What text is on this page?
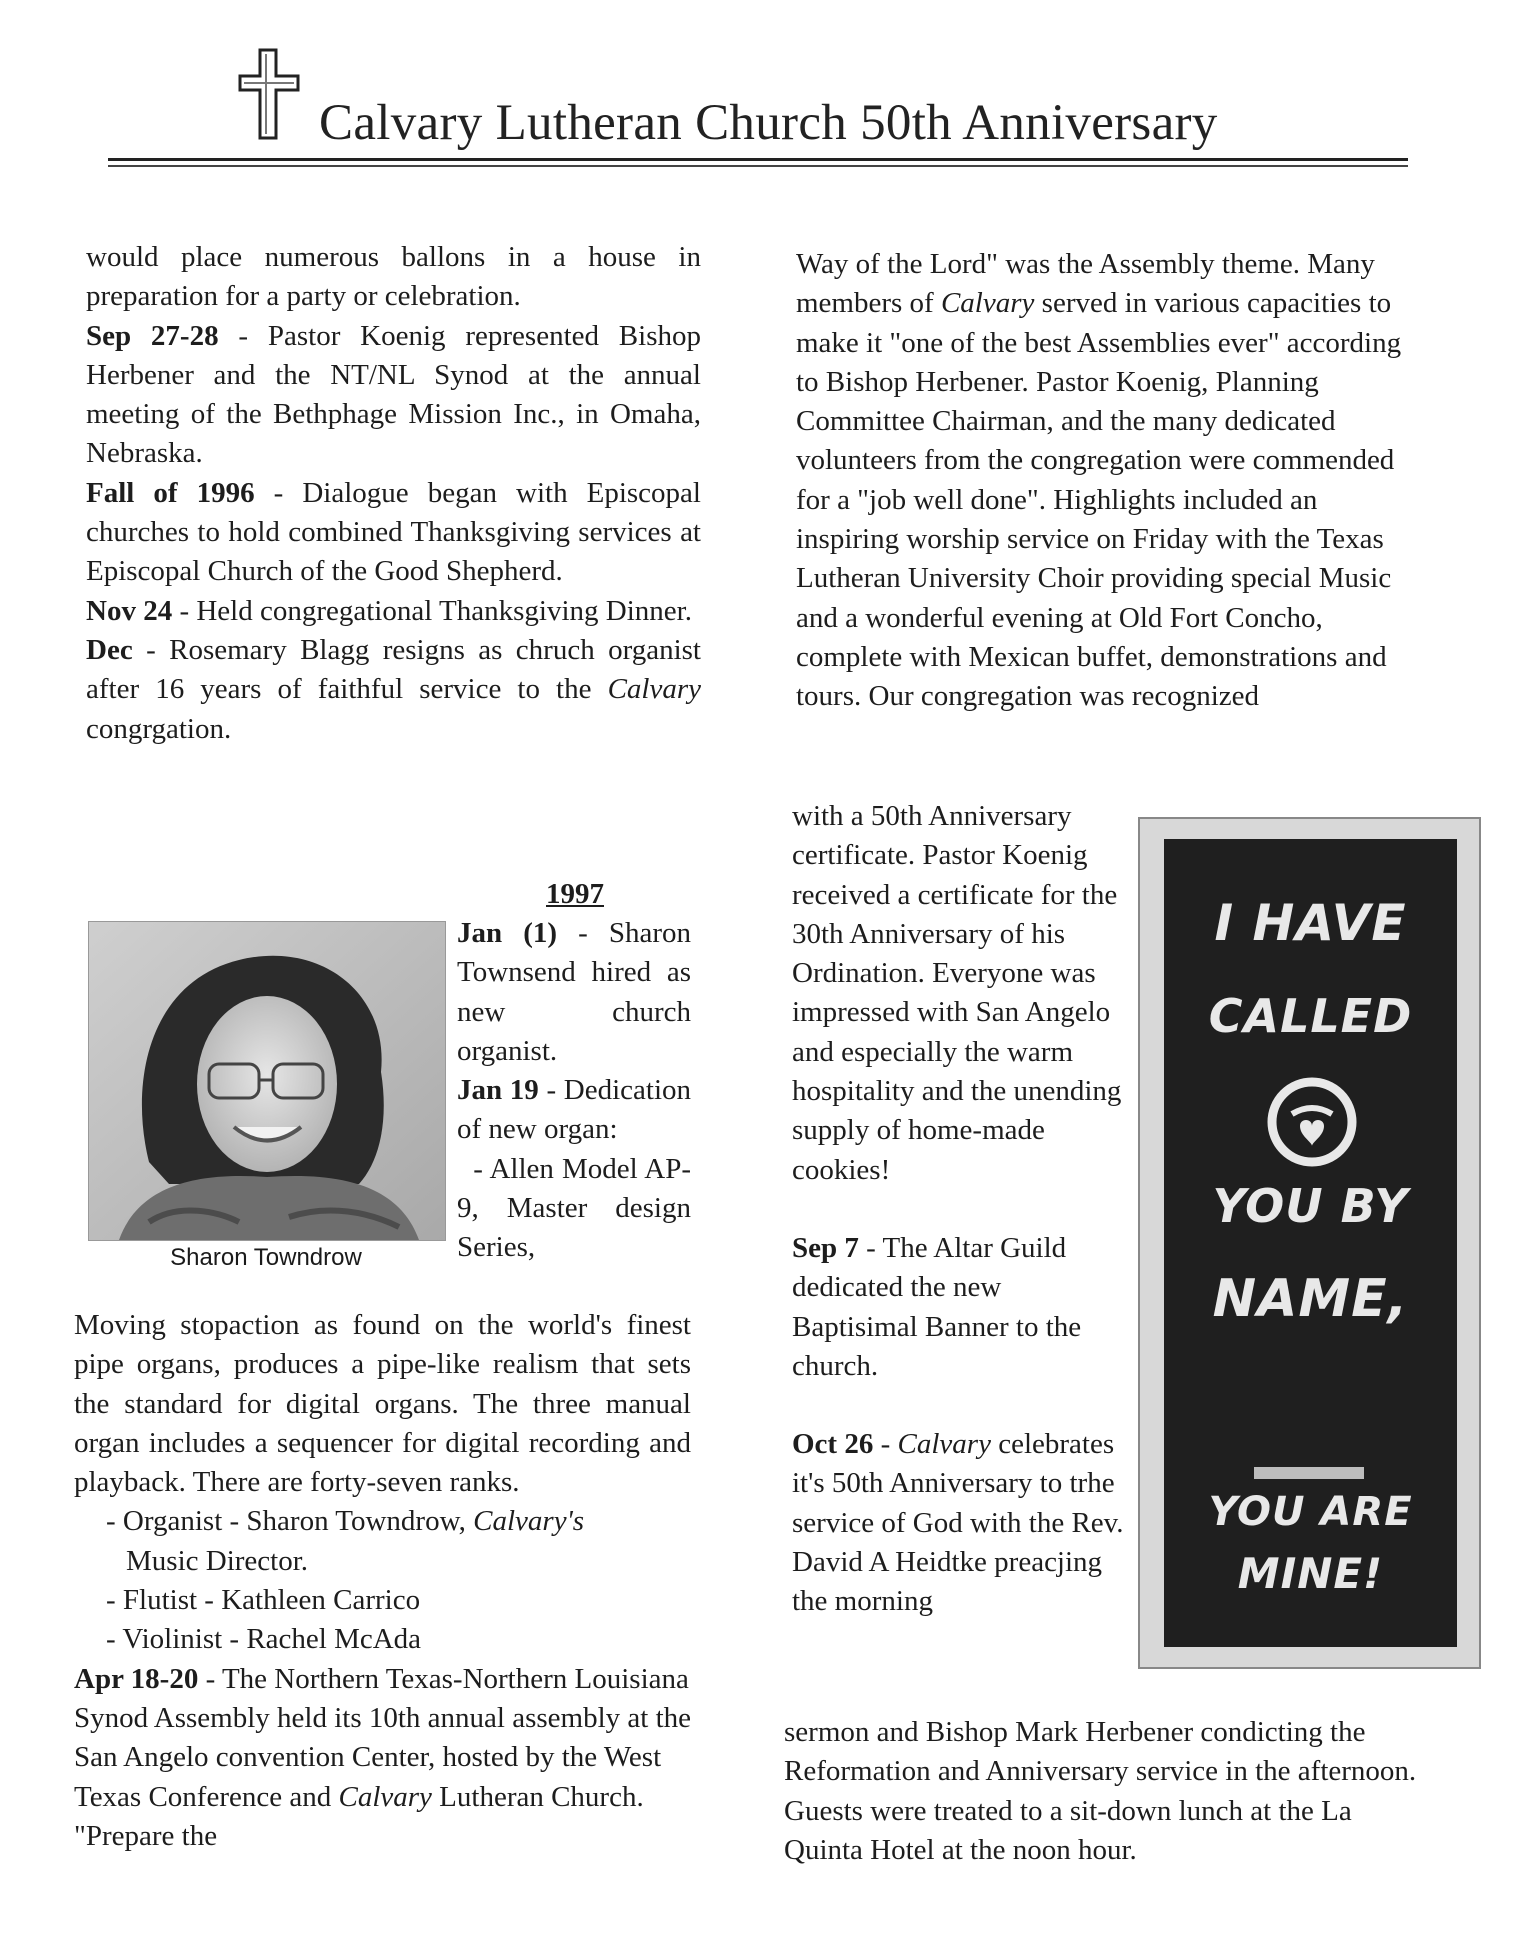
Calvary Lutheran Church 50th Anniversary

would place numerous ballons in a house in preparation for a party or celebration.

Sep 27-28 - Pastor Koenig represented Bishop Herbener and the NT/NL Synod at the annual meeting of the Bethphage Mission Inc., in Omaha, Nebraska.

Fall of 1996 - Dialogue began with Episcopal churches to hold combined Thanksgiving services at Episcopal Church of the Good Shepherd.

Nov 24 - Held congregational Thanksgiving Dinner.

Dec - Rosemary Blagg resigns as chruch organist after 16 years of faithful service to the Calvary congrgation.

1997
Sharon Towndrow

Jan (1) - Sharon Townsend hired as new church organist.

Jan 19 - Dedication of new organ:

- Allen Model AP-9, Master design Series,

Moving stopaction as found on the world's finest pipe organs, produces a pipe-like realism that sets the standard for digital organs. The three manual organ includes a sequencer for digital recording and playback. There are forty-seven ranks.

- Organist - Sharon Towndrow, Calvary's

Music Director.

- Flutist - Kathleen Carrico

- Violinist - Rachel McAda

Apr 18-20 - The Northern Texas-Northern Louisiana Synod Assembly held its 10th annual assembly at the San Angelo convention Center, hosted by the West Texas Conference and Calvary Lutheran Church. "Prepare the

Way of the Lord" was the Assembly theme. Many members of Calvary served in various capacities to make it "one of the best Assemblies ever" according to Bishop Herbener. Pastor Koenig, Planning Committee Chairman, and the many dedicated volunteers from the congregation were commended for a "job well done". Highlights included an inspiring worship service on Friday with the Texas Lutheran University Choir providing special Music and a wonderful evening at Old Fort Concho, complete with Mexican buffet, demonstrations and tours. Our congregation was recognized

with a 50th Anniversary certificate. Pastor Koenig received a certificate for the 30th Anniversary of his Ordination. Everyone was impressed with San Angelo and especially the warm hospitality and the unending supply of home-made cookies!

Sep 7 - The Altar Guild dedicated the new Baptisimal Banner to the church.

Oct 26 - Calvary celebrates it's 50th Anniversary to trhe service of God with the Rev. David A Heidtke preacjing the morning

sermon and Bishop Mark Herbener condicting the Reformation and Anniversary service in the afternoon. Guests were treated to a sit-down lunch at the La Quinta Hotel at the noon hour.

I HAVE
CALLED
YOU BY
NAME,
YOU ARE
MINE!
